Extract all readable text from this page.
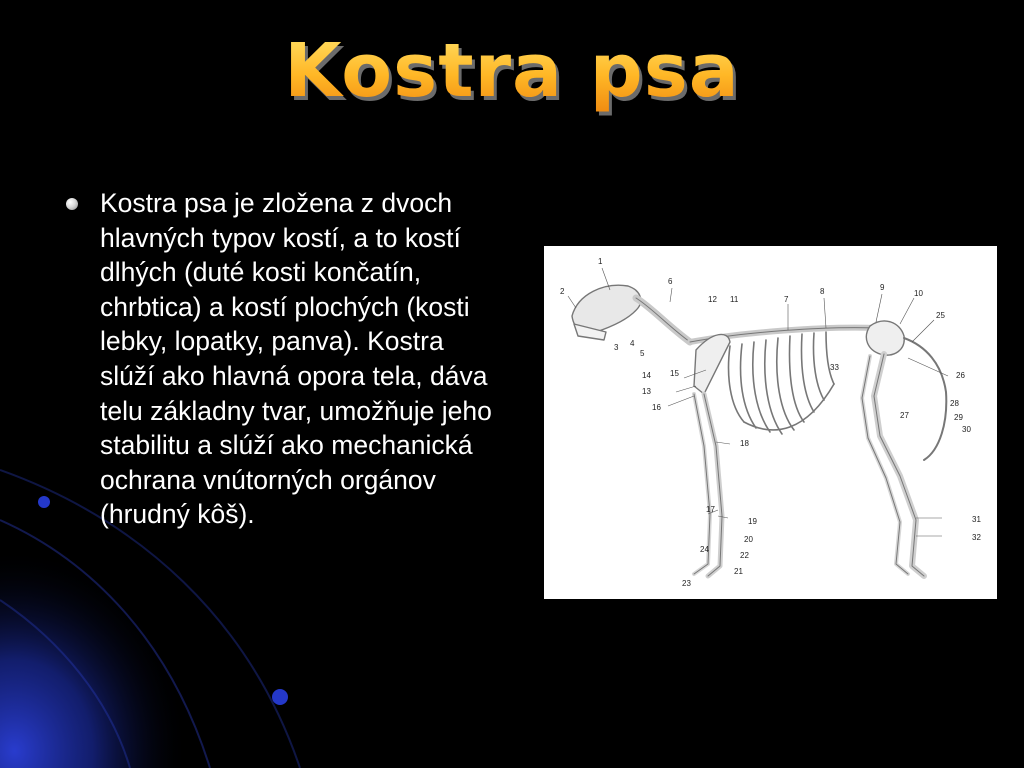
Kostra psa
Kostra psa je zložena z dvoch hlavných typov kostí, a to kostí dlhých (duté kosti končatín, chrbtica) a kostí plochých (kosti lebky, lopatky, panva). Kostra slúží ako hlavná opora tela, dáva telu základny tvar, umožňuje jeho stabilitu a slúží ako mechanická ochrana vnútorných orgánov (hrudný kôš).
1
2
3 4
5
6
7
8	9
10
11
12
13
14 15
16
17
18
19
20
21
22
23
24
25
26
27
28
29
30
31
32
33
